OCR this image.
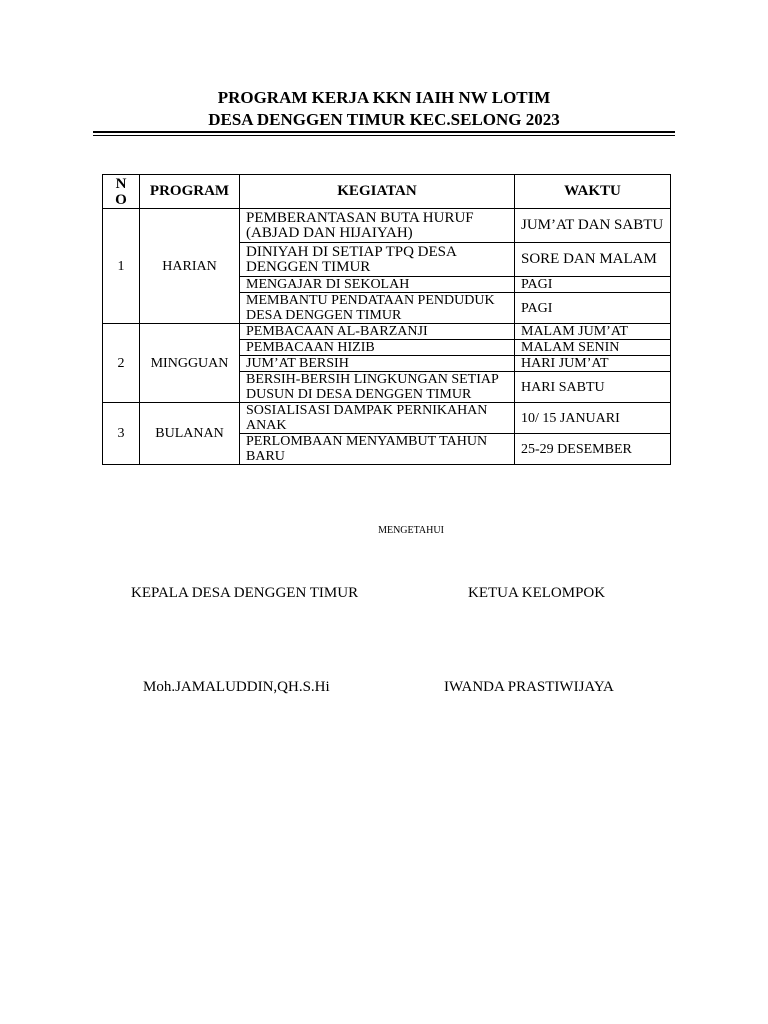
PROGRAM KERJA KKN IAIH NW LOTIM
DESA DENGGEN TIMUR KEC.SELONG 2023
N O	PROGRAM	KEGIATAN	WAKTU
1	HARIAN	PEMBERANTASAN BUTA HURUF (ABJAD DAN HIJAIYAH)	JUM’AT DAN SABTU
		DINIYAH DI SETIAP TPQ DESA DENGGEN TIMUR	SORE DAN MALAM
		MENGAJAR DI SEKOLAH	PAGI
		MEMBANTU PENDATAAN PENDUDUK DESA DENGGEN TIMUR	PAGI
2	MINGGUAN	PEMBACAAN AL-BARZANJI	MALAM JUM’AT
		PEMBACAAN HIZIB	MALAM SENIN
		JUM’AT BERSIH	HARI JUM’AT
		BERSIH-BERSIH LINGKUNGAN SETIAP DUSUN DI DESA DENGGEN TIMUR	HARI SABTU
3	BULANAN	SOSIALISASI DAMPAK PERNIKAHAN ANAK	10/ 15 JANUARI
		PERLOMBAAN MENYAMBUT TAHUN BARU	25-29 DESEMBER
MENGETAHUI
KEPALA DESA DENGGEN TIMUR	KETUA KELOMPOK
Moh.JAMALUDDIN,QH.S.Hi	IWANDA PRASTIWIJAYA
